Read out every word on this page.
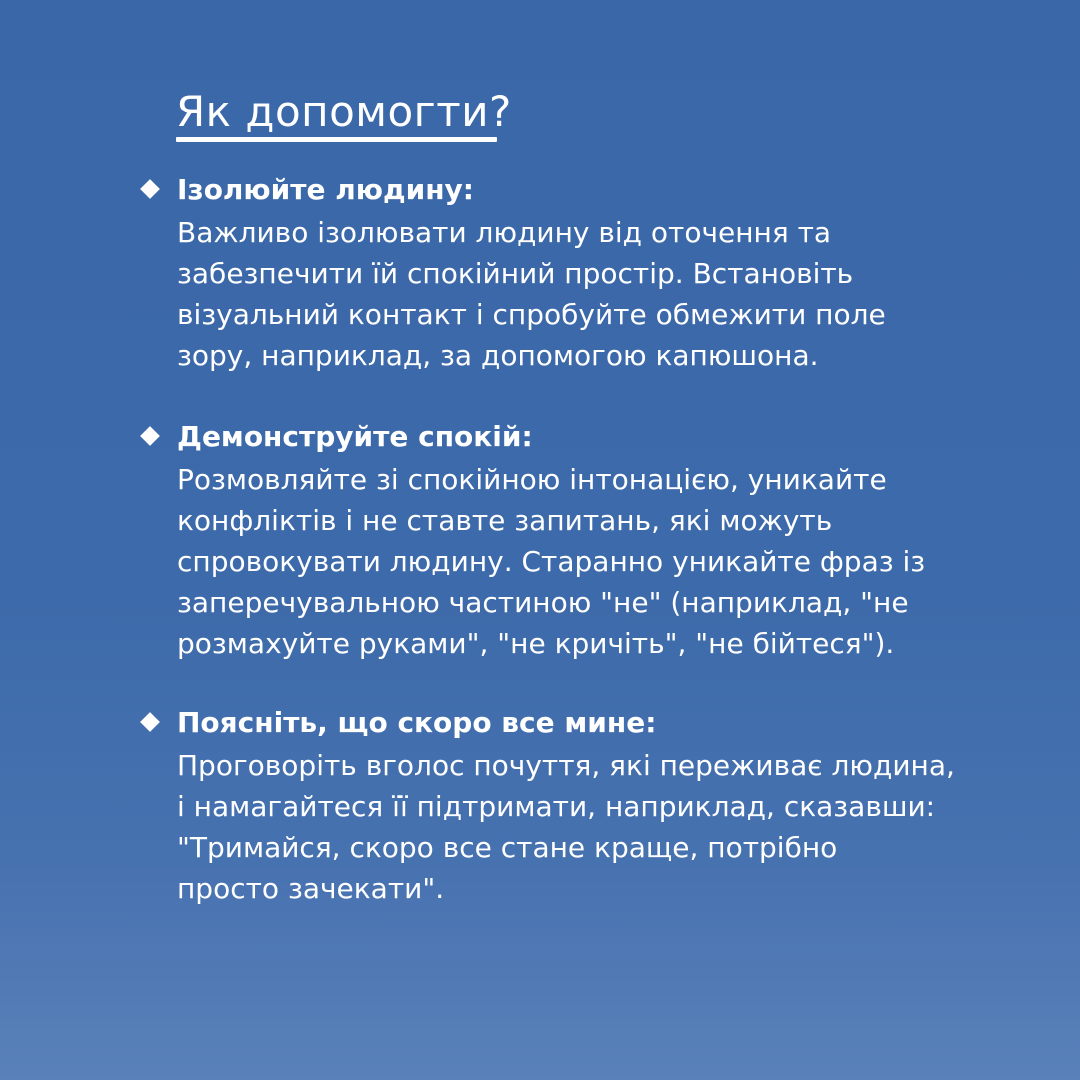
Як допомогти?
Ізолюйте людину:
Важливо ізолювати людину від оточення та
забезпечити їй спокійний простір. Встановіть
візуальний контакт і спробуйте обмежити поле
зору, наприклад, за допомогою капюшона.
Демонструйте спокій:
Розмовляйте зі спокійною інтонацією, уникайте
конфліктів і не ставте запитань, які можуть
спровокувати людину. Старанно уникайте фраз із
заперечувальною частиною "не" (наприклад, "не
розмахуйте руками", "не кричіть", "не бійтеся").
Поясніть, що скоро все мине:
Проговоріть вголос почуття, які переживає людина,
і намагайтеся її підтримати, наприклад, сказавши:
"Тримайся, скоро все стане краще, потрібно
просто зачекати".
